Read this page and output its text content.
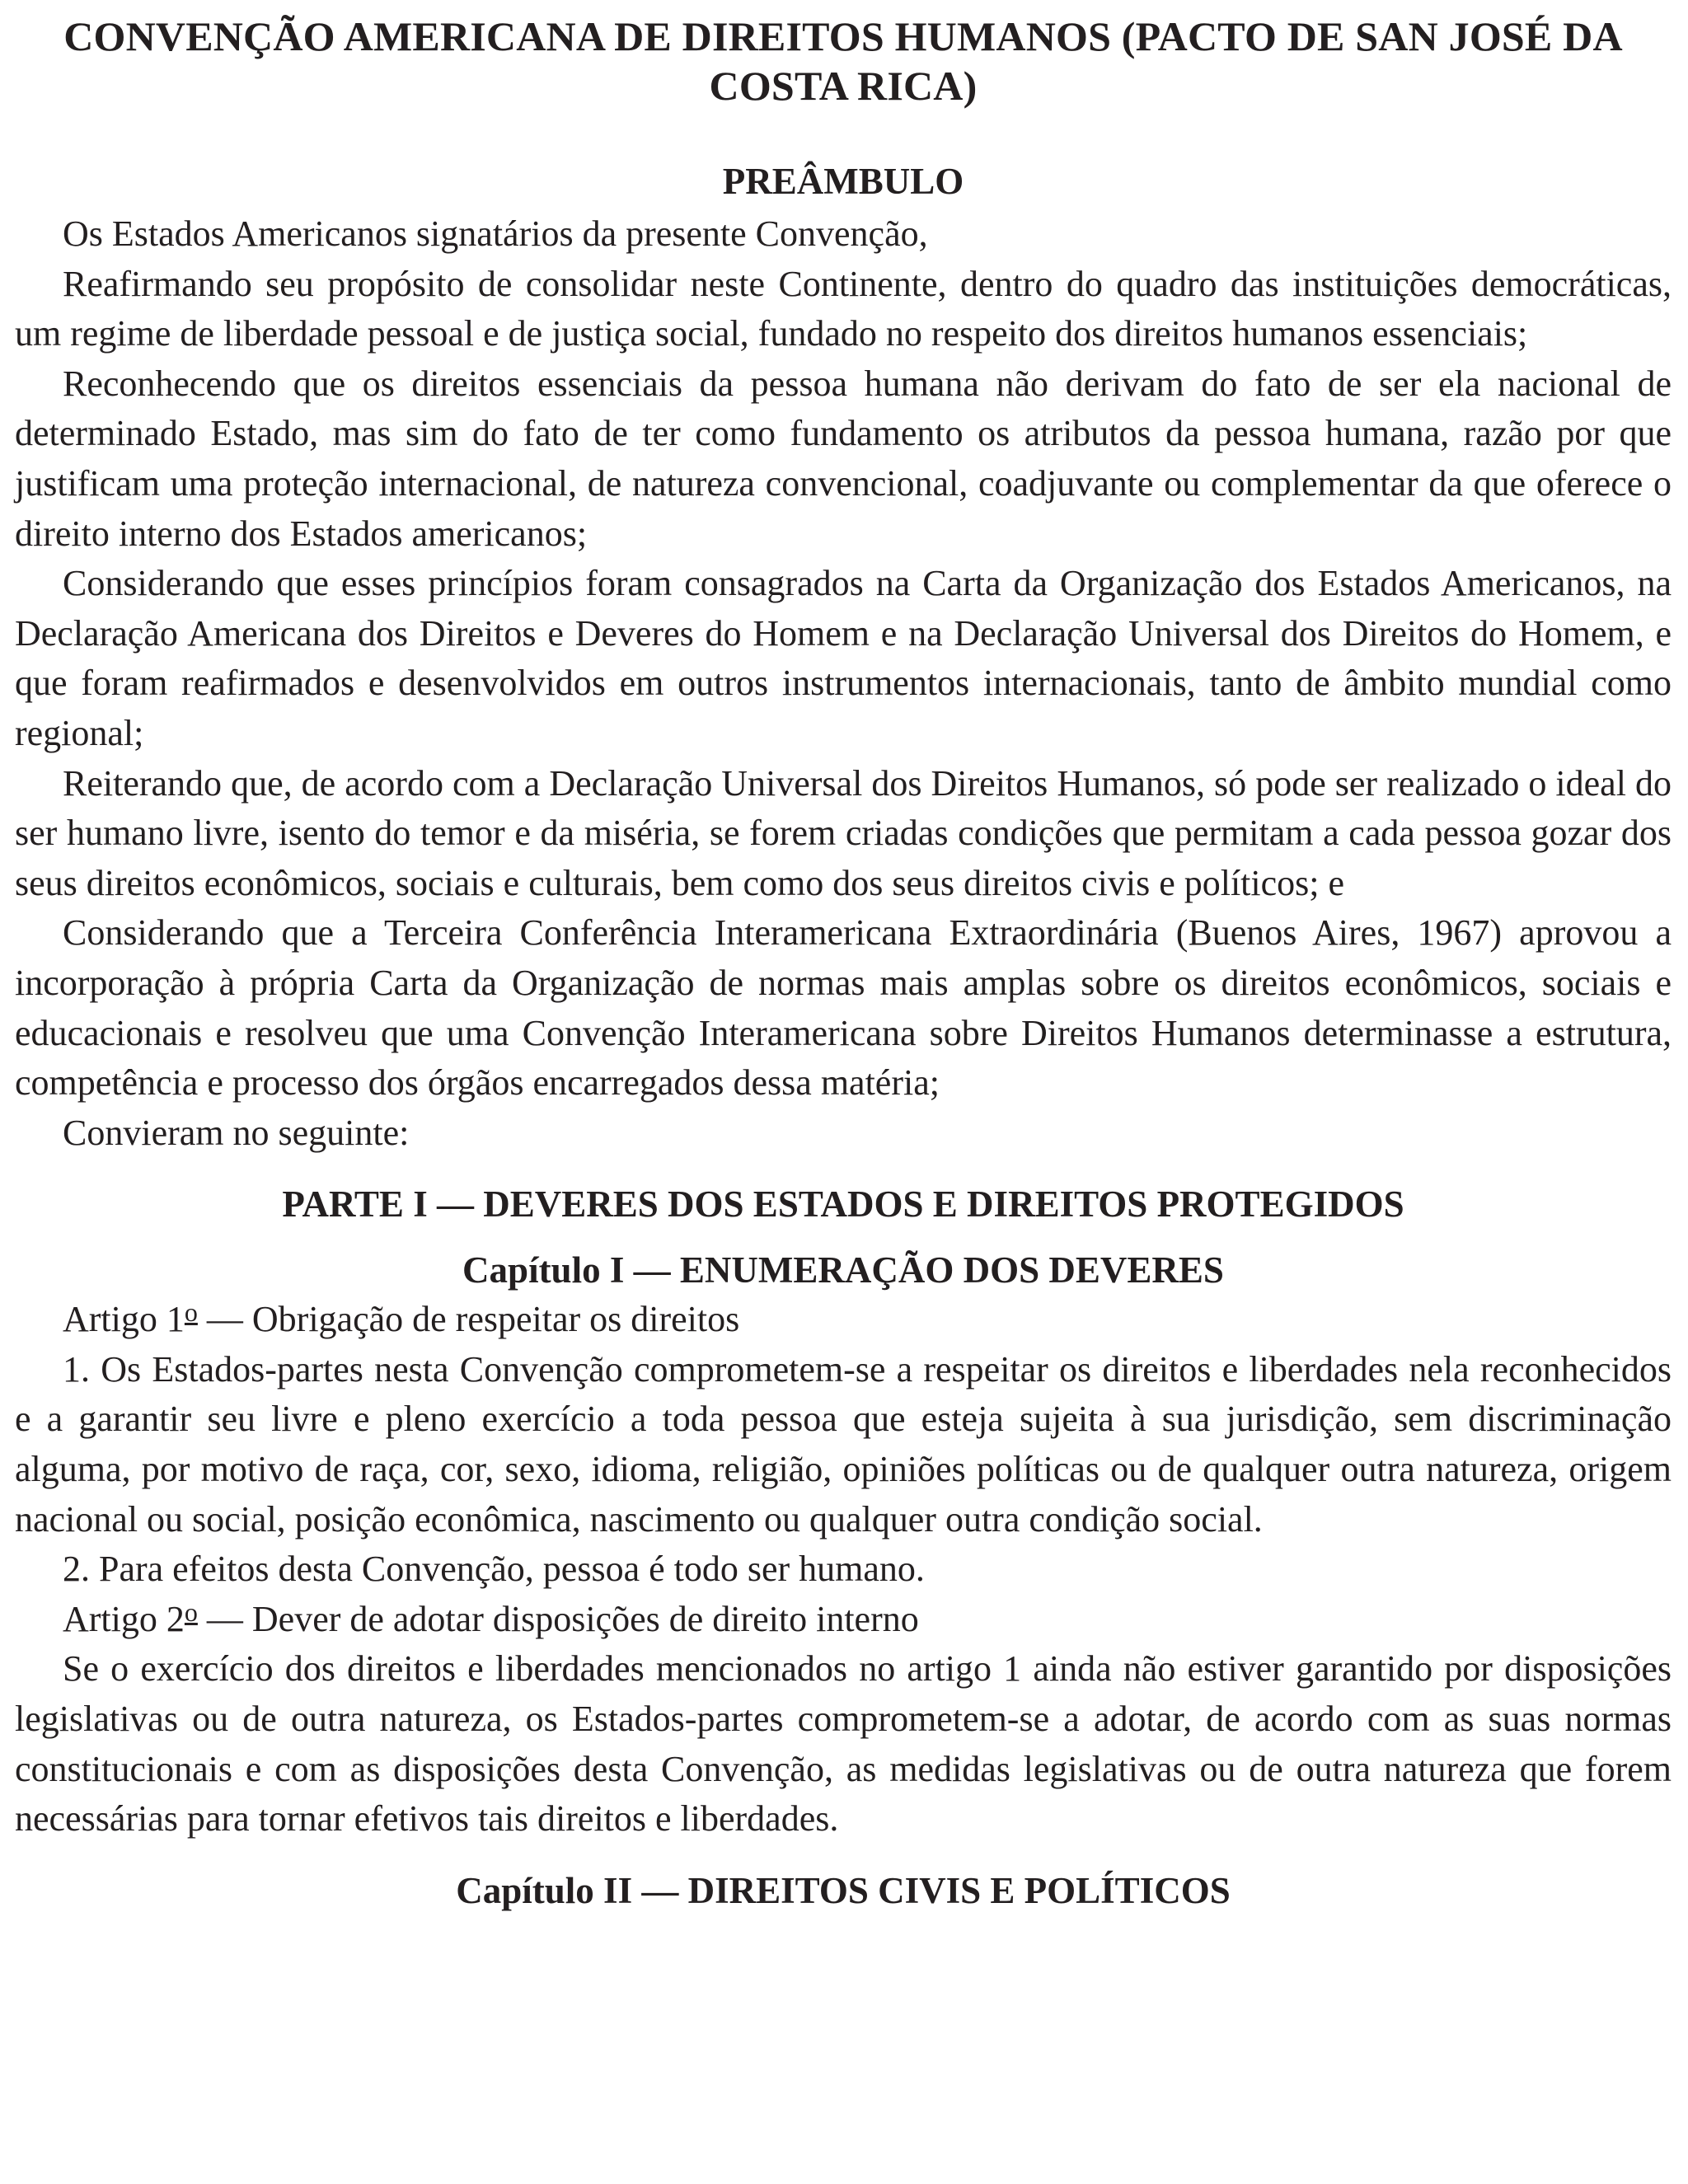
CONVENÇÃO AMERICANA DE DIREITOS HUMANOS (PACTO DE SAN JOSÉ DA COSTA RICA)
PREÂMBULO

Os Estados Americanos signatários da presente Convenção,

Reafirmando seu propósito de consolidar neste Continente, dentro do quadro das instituições democráticas, um regime de liberdade pessoal e de justiça social, fundado no respeito dos direitos humanos essenciais;

Reconhecendo que os direitos essenciais da pessoa humana não derivam do fato de ser ela nacional de determinado Estado, mas sim do fato de ter como fundamento os atributos da pessoa humana, razão por que justificam uma proteção internacional, de natureza convencional, coadjuvante ou complementar da que oferece o direito interno dos Estados americanos;

Considerando que esses princípios foram consagrados na Carta da Organização dos Estados Americanos, na Declaração Americana dos Direitos e Deveres do Homem e na Declaração Universal dos Direitos do Homem, e que foram reafirmados e desenvolvidos em outros instrumentos internacionais, tanto de âmbito mundial como regional;

Reiterando que, de acordo com a Declaração Universal dos Direitos Humanos, só pode ser realizado o ideal do ser humano livre, isento do temor e da miséria, se forem criadas condições que permitam a cada pessoa gozar dos seus direitos econômicos, sociais e culturais, bem como dos seus direitos civis e políticos; e

Considerando que a Terceira Conferência Interamericana Extraordinária (Buenos Aires, 1967) aprovou a incorporação à própria Carta da Organização de normas mais amplas sobre os direitos econômicos, sociais e educacionais e resolveu que uma Convenção Interamericana sobre Direitos Humanos determinasse a estrutura, competência e processo dos órgãos encarregados dessa matéria;

Convieram no seguinte:

PARTE I — DEVERES DOS ESTADOS E DIREITOS PROTEGIDOS
Capítulo I — ENUMERAÇÃO DOS DEVERES

Artigo 1$^o$ — Obrigação de respeitar os direitos

1. Os Estados-partes nesta Convenção comprometem-se a respeitar os direitos e liberdades nela reconhecidos e a garantir seu livre e pleno exercício a toda pessoa que esteja sujeita à sua jurisdição, sem discriminação alguma, por motivo de raça, cor, sexo, idioma, religião, opiniões políticas ou de qualquer outra natureza, origem nacional ou social, posição econômica, nascimento ou qualquer outra condição social.

2. Para efeitos desta Convenção, pessoa é todo ser humano.

Artigo 2$^o$ — Dever de adotar disposições de direito interno

Se o exercício dos direitos e liberdades mencionados no artigo 1 ainda não estiver garantido por disposições legislativas ou de outra natureza, os Estados-partes comprometem-se a adotar, de acordo com as suas normas constitucionais e com as disposições desta Convenção, as medidas legislativas ou de outra natureza que forem necessárias para tornar efetivos tais direitos e liberdades.

Capítulo II — DIREITOS CIVIS E POLÍTICOS
